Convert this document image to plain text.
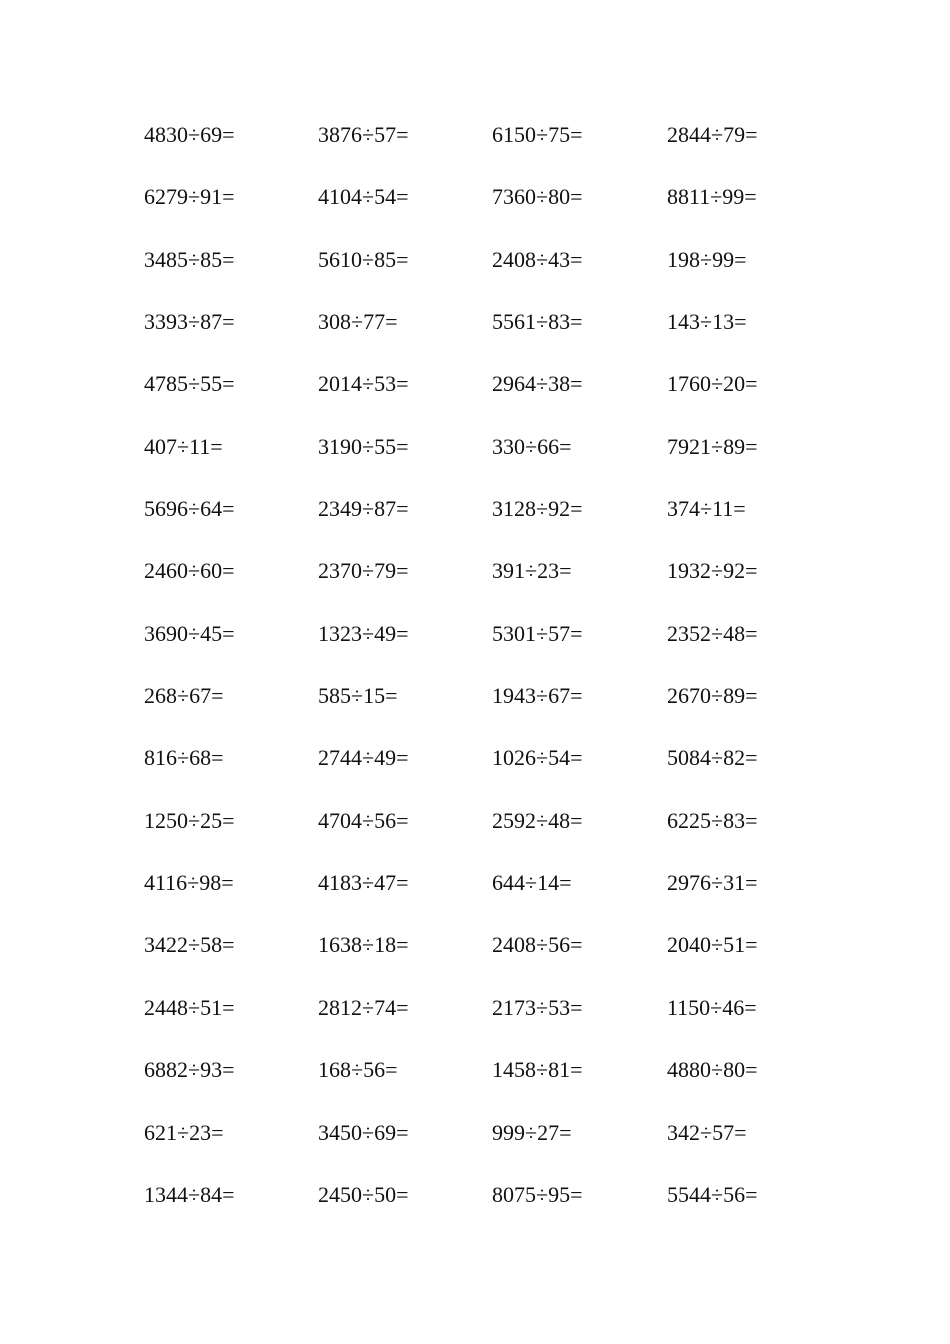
4830÷69=	3876÷57=	6150÷75=	2844÷79=
6279÷91=	4104÷54=	7360÷80=	8811÷99=
3485÷85=	5610÷85=	2408÷43=	198÷99=
3393÷87=	308÷77=	5561÷83=	143÷13=
4785÷55=	2014÷53=	2964÷38=	1760÷20=
407÷11=	3190÷55=	330÷66=	7921÷89=
5696÷64=	2349÷87=	3128÷92=	374÷11=
2460÷60=	2370÷79=	391÷23=	1932÷92=
3690÷45=	1323÷49=	5301÷57=	2352÷48=
268÷67=	585÷15=	1943÷67=	2670÷89=
816÷68=	2744÷49=	1026÷54=	5084÷82=
1250÷25=	4704÷56=	2592÷48=	6225÷83=
4116÷98=	4183÷47=	644÷14=	2976÷31=
3422÷58=	1638÷18=	2408÷56=	2040÷51=
2448÷51=	2812÷74=	2173÷53=	1150÷46=
6882÷93=	168÷56=	1458÷81=	4880÷80=
621÷23=	3450÷69=	999÷27=	342÷57=
1344÷84=	2450÷50=	8075÷95=	5544÷56=
